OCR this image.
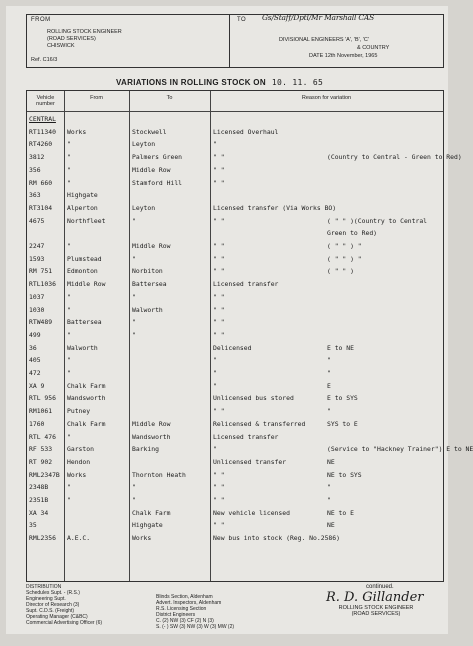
FROM
ROLLING STOCK ENGINEER
(ROAD SERVICES)
CHISWICK
Ref. C16/3
TO Gs/Staff/Dptl/Mr Marshall CAS
DIVISIONAL ENGINEERS 'A', 'B', 'C'
& COUNTRY
DATE 12th November, 1965
VARIATIONS IN ROLLING STOCK ON 10. 11. 65
Vehicle number
From	To	Reason for variation
CENTRAL
RT11340 Works	Stockwell	Licensed Overhaul
RT4260 "	Leyton	"
3812	"	Palmers Green	" "	(Country to Central - Green to Red)
356	"	Middle Row	" "
RM 660 "	Stamford Hill	" "
363	Highgate
RT3104 Alperton	Leyton	Licensed transfer (Via Works BO)
4675	Northfleet	"	" "	( " " )(Country to Central
Green to Red)
2247	"	Middle Row	" "	( " " ) "
1593	Plumstead	"	" "	( " " ) "
RM 751 Edmonton	Norbiton	" "	( " " )
RTL1036 Middle Row	Battersea	Licensed transfer
1037	"	"	" "
1030	"	Walworth	" "
RTW489 Battersea	"	" "
499	"	"	" "
36	Walworth	Delicensed	E to NE
405	"	"	"
472	"	"	"
XA 9	Chalk Farm	"	E
RTL 956 Wandsworth	Unlicensed bus stored	E to SYS
RM1061 Putney	" "	"
1760	Chalk Farm	Middle Row	Relicensed & transferred	SYS to E
RTL 476 "	Wandsworth	Licensed transfer
RF 533 Garston	Barking	"	(Service to "Hackney Trainer") E to NE
RT 902 Hendon	Unlicensed transfer	NE
RML2347B Works	Thornton Heath	" "	NE to SYS
2348B	"	"	" "	"
2351B	"	"	" "	"
XA 34	Chalk Farm	New vehicle licensed	NE to E
35	Highgate	" "	NE
RML2356 A.E.C.	Works	New bus into stock (Reg. No.2586)
DISTRIBUTION
Schedules Supt. - (R.S.)
Engineering Supt.
Director of Research (3)
Supt. C.D.S. (Freight)
Operating Manager (C&BC)
Commercial Advertising Officer (6)
Blinds Section, Aldenham
Advert. Inspectors, Aldenham
R.S. Licensing Section
District Engineers
C. (2) NW (3) CF (2) N (3)
S. (- ) SW (3) NW (3) W (3) MW (2)
continued.
R. D. Gillander
ROLLING STOCK ENGINEER
(ROAD SERVICES)
